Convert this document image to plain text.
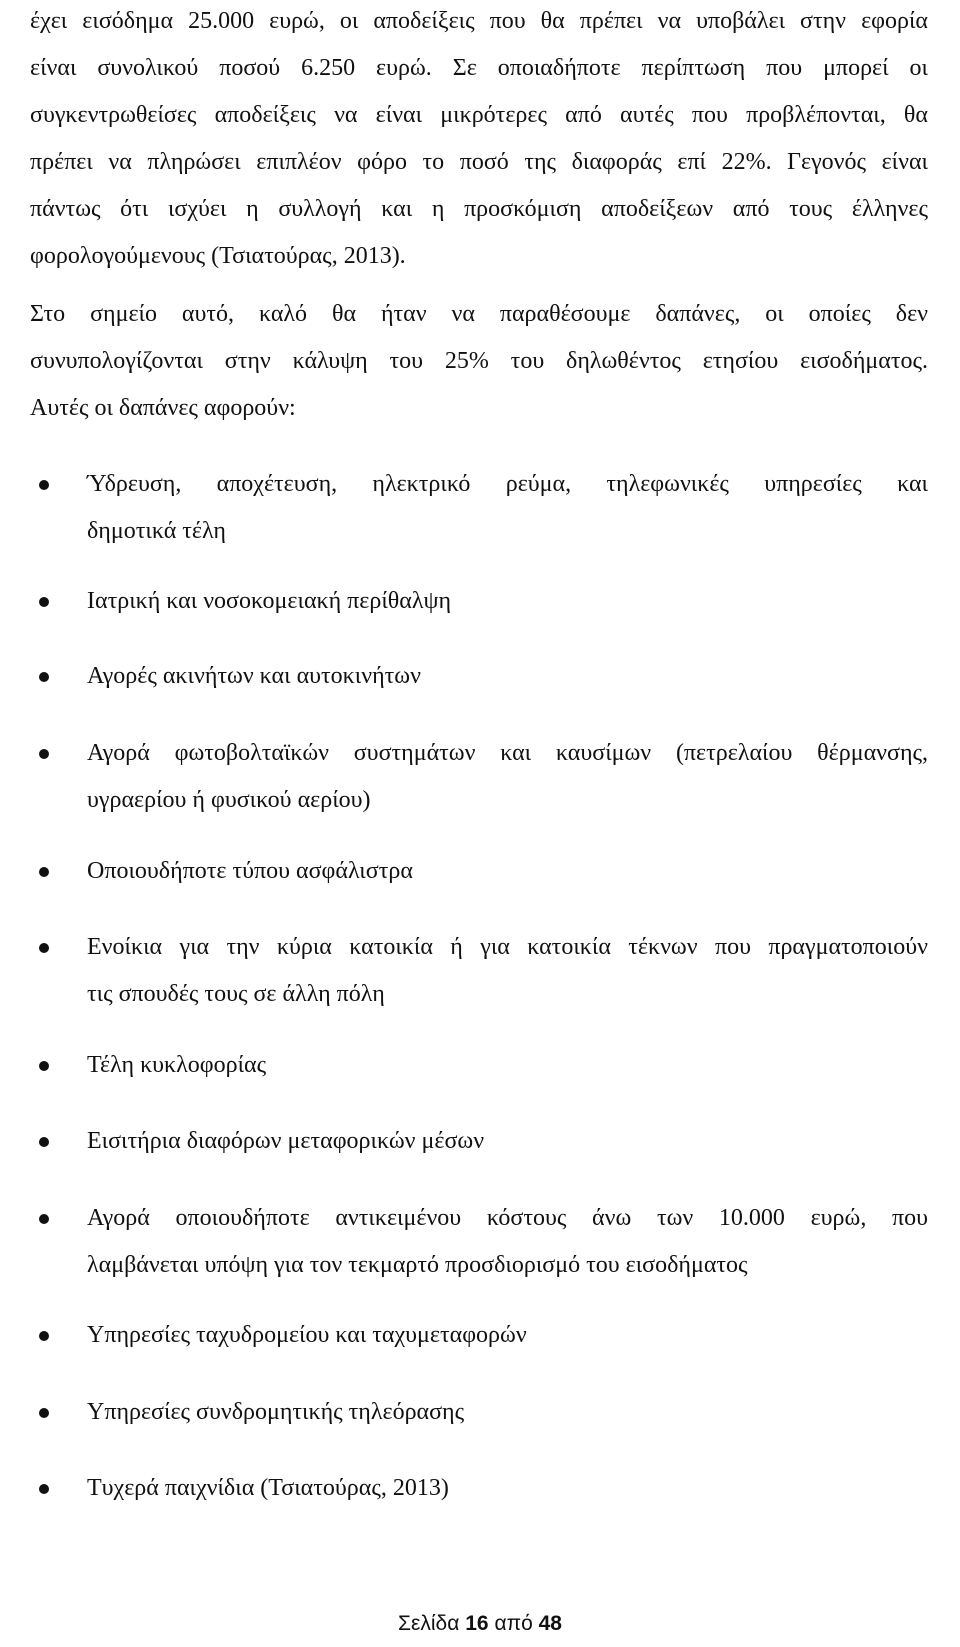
έχει εισόδημα 25.000 ευρώ, οι αποδείξεις που θα πρέπει να υποβάλει στην εφορία
είναι συνολικού ποσού 6.250 ευρώ. Σε οποιαδήποτε περίπτωση που μπορεί οι
συγκεντρωθείσες αποδείξεις να είναι μικρότερες από αυτές που προβλέπονται, θα
πρέπει να πληρώσει επιπλέον φόρο το ποσό της διαφοράς επί 22%. Γεγονός είναι
πάντως ότι ισχύει η συλλογή και η προσκόμιση αποδείξεων από τους έλληνες
φορολογούμενους (Τσιατούρας, 2013).

Στο σημείο αυτό, καλό θα ήταν να παραθέσουμε δαπάνες, οι οποίες δεν
συνυπολογίζονται στην κάλυψη του 25% του δηλωθέντος ετησίου εισοδήματος.
Αυτές οι δαπάνες αφορούν:

Ύδρευση, αποχέτευση, ηλεκτρικό ρεύμα, τηλεφωνικές υπηρεσίες και
δημοτικά τέλη
Ιατρική και νοσοκομειακή περίθαλψη
Αγορές ακινήτων και αυτοκινήτων
Αγορά φωτοβολταϊκών συστημάτων και καυσίμων (πετρελαίου θέρμανσης,
υγραερίου ή φυσικού αερίου)
Οποιουδήποτε τύπου ασφάλιστρα
Ενοίκια για την κύρια κατοικία ή για κατοικία τέκνων που πραγματοποιούν
τις σπουδές τους σε άλλη πόλη
Τέλη κυκλοφορίας
Εισιτήρια διαφόρων μεταφορικών μέσων
Αγορά οποιουδήποτε αντικειμένου κόστους άνω των 10.000 ευρώ, που
λαμβάνεται υπόψη για τον τεκμαρτό προσδιορισμό του εισοδήματος
Υπηρεσίες ταχυδρομείου και ταχυμεταφορών
Υπηρεσίες συνδρομητικής τηλεόρασης
Τυχερά παιχνίδια (Τσιατούρας, 2013)
Σελίδα 16 από 48
